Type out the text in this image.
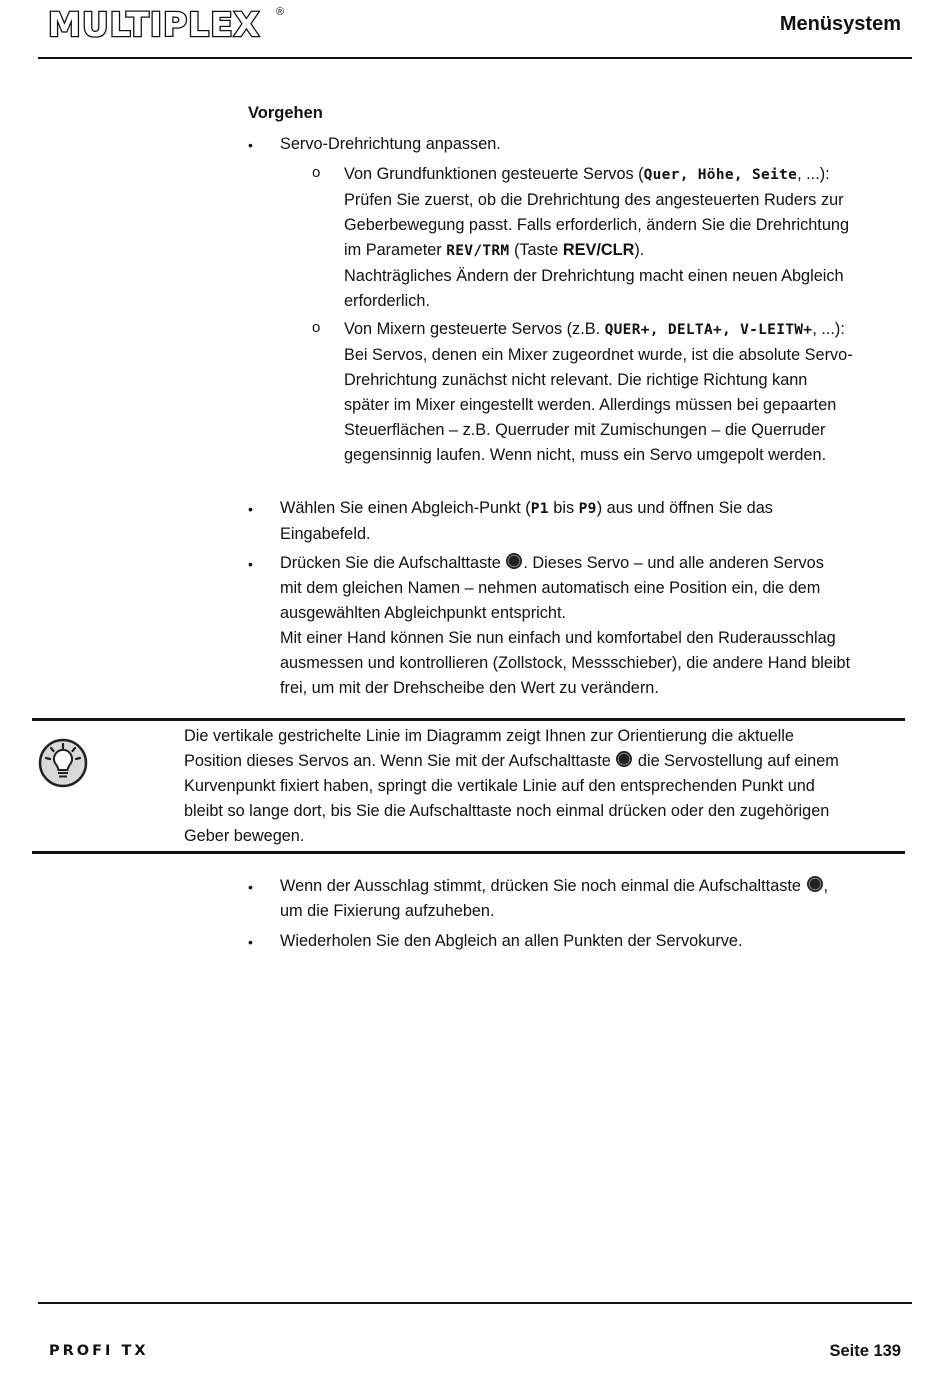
MULTIPLEX ®
Menüsystem
Vorgehen
• Servo-Drehrichtung anpassen.
o Von Grundfunktionen gesteuerte Servos (Quer, Höhe, Seite, ...):
Prüfen Sie zuerst, ob die Drehrichtung des angesteuerten Ruders zur
Geberbewegung passt. Falls erforderlich, ändern Sie die Drehrichtung
im Parameter REV/TRM (Taste REV/CLR).
Nachträgliches Ändern der Drehrichtung macht einen neuen Abgleich
erforderlich.
o Von Mixern gesteuerte Servos (z.B. QUER+, DELTA+, V-LEITW+, ...):
Bei Servos, denen ein Mixer zugeordnet wurde, ist die absolute Servo-
Drehrichtung zunächst nicht relevant. Die richtige Richtung kann
später im Mixer eingestellt werden. Allerdings müssen bei gepaarten
Steuerflächen – z.B. Querruder mit Zumischungen – die Querruder
gegensinnig laufen. Wenn nicht, muss ein Servo umgepolt werden.
• Wählen Sie einen Abgleich-Punkt (P1 bis P9) aus und öffnen Sie das
Eingabefeld.
• Drücken Sie die Aufschalttaste . Dieses Servo – und alle anderen Servos
mit dem gleichen Namen – nehmen automatisch eine Position ein, die dem
ausgewählten Abgleichpunkt entspricht.
Mit einer Hand können Sie nun einfach und komfortabel den Ruderausschlag
ausmessen und kontrollieren (Zollstock, Messschieber), die andere Hand bleibt
frei, um mit der Drehscheibe den Wert zu verändern.
Die vertikale gestrichelte Linie im Diagramm zeigt Ihnen zur Orientierung die aktuelle
Position dieses Servos an. Wenn Sie mit der Aufschalttaste die Servostellung auf einem
Kurvenpunkt fixiert haben, springt die vertikale Linie auf den entsprechenden Punkt und
bleibt so lange dort, bis Sie die Aufschalttaste noch einmal drücken oder den zugehörigen
Geber bewegen.
• Wenn der Ausschlag stimmt, drücken Sie noch einmal die Aufschalttaste ,
um die Fixierung aufzuheben.
• Wiederholen Sie den Abgleich an allen Punkten der Servokurve.
PROFI TX	Seite 139
